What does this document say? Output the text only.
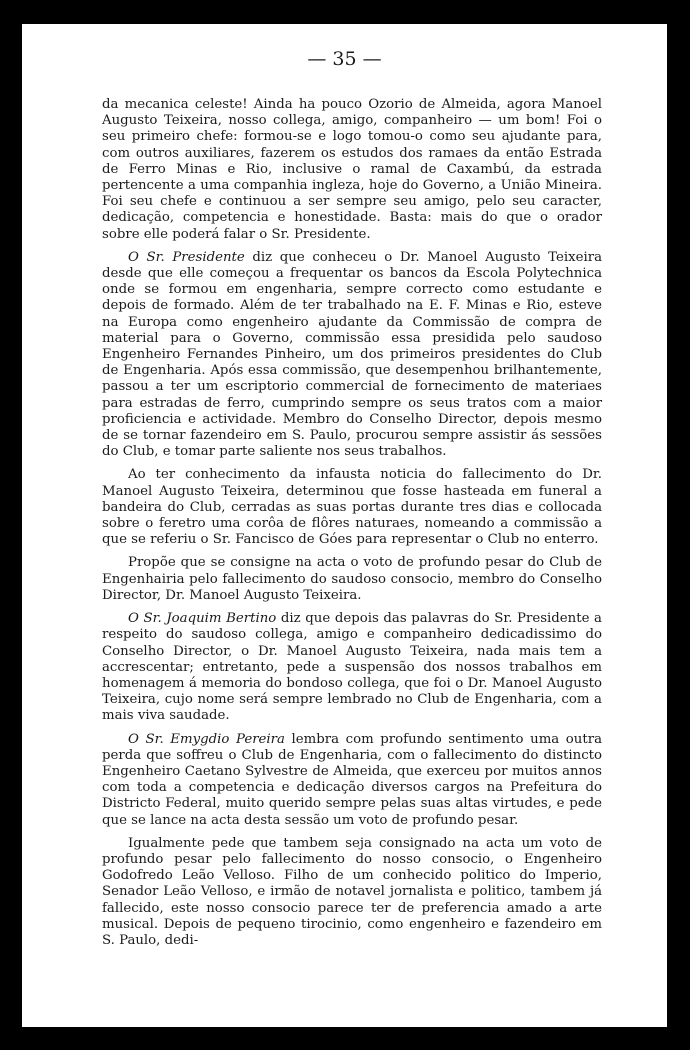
— 35 —

da mecanica celeste! Ainda ha pouco Ozorio de Almeida, agora Manoel Augusto Teixeira, nosso collega, amigo, companheiro — um bom! Foi o seu primeiro chefe: formou-se e logo tomou-o como seu ajudante para, com outros auxiliares, fazerem os estudos dos ramaes da então Estrada de Ferro Minas e Rio, inclusive o ramal de Caxambú, da estrada pertencente a uma companhia ingleza, hoje do Governo, a União Mineira. Foi seu chefe e continuou a ser sempre seu amigo, pelo seu caracter, dedicação, competencia e honestidade. Basta: mais do que o orador sobre elle poderá falar o Sr. Presidente.

O Sr. Presidente diz que conheceu o Dr. Manoel Augusto Teixeira desde que elle começou a frequentar os bancos da Escola Polytechnica onde se formou em engenharia, sempre correcto como estudante e depois de formado. Além de ter trabalhado na E. F. Minas e Rio, esteve na Europa como engenheiro ajudante da Commissão de compra de material para o Governo, commissão essa presidida pelo saudoso Engenheiro Fernandes Pinheiro, um dos primeiros presidentes do Club de Engenharia. Após essa commissão, que desempenhou brilhantemente, passou a ter um escriptorio commercial de fornecimento de materiaes para estradas de ferro, cumprindo sempre os seus tratos com a maior proficiencia e actividade. Membro do Conselho Director, depois mesmo de se tornar fazendeiro em S. Paulo, procurou sempre assistir ás sessões do Club, e tomar parte saliente nos seus trabalhos.

Ao ter conhecimento da infausta noticia do fallecimento do Dr. Manoel Augusto Teixeira, determinou que fosse hasteada em funeral a bandeira do Club, cerradas as suas portas durante tres dias e collocada sobre o feretro uma corôa de flôres naturaes, nomeando a commissão a que se referiu o Sr. Fancisco de Góes para representar o Club no enterro.

Propõe que se consigne na acta o voto de profundo pesar do Club de Engenhairia pelo fallecimento do saudoso consocio, membro do Conselho Director, Dr. Manoel Augusto Teixeira.

O Sr. Joaquim Bertino diz que depois das palavras do Sr. Presidente a respeito do saudoso collega, amigo e companheiro dedicadissimo do Conselho Director, o Dr. Manoel Augusto Teixeira, nada mais tem a accrescentar; entretanto, pede a suspensão dos nossos trabalhos em homenagem á memoria do bondoso collega, que foi o Dr. Manoel Augusto Teixeira, cujo nome será sempre lembrado no Club de Engenharia, com a mais viva saudade.

O Sr. Emygdio Pereira lembra com profundo sentimento uma outra perda que soffreu o Club de Engenharia, com o fallecimento do distincto Engenheiro Caetano Sylvestre de Almeida, que exerceu por muitos annos com toda a competencia e dedicação diversos cargos na Prefeitura do Districto Federal, muito querido sempre pelas suas altas virtudes, e pede que se lance na acta desta sessão um voto de profundo pesar.

Igualmente pede que tambem seja consignado na acta um voto de profundo pesar pelo fallecimento do nosso consocio, o Engenheiro Godofredo Leão Velloso. Filho de um conhecido politico do Imperio, Senador Leão Velloso, e irmão de notavel jornalista e politico, tambem já fallecido, este nosso consocio parece ter de preferencia amado a arte musical. Depois de pequeno tirocinio, como engenheiro e fazendeiro em S. Paulo, dedi-
